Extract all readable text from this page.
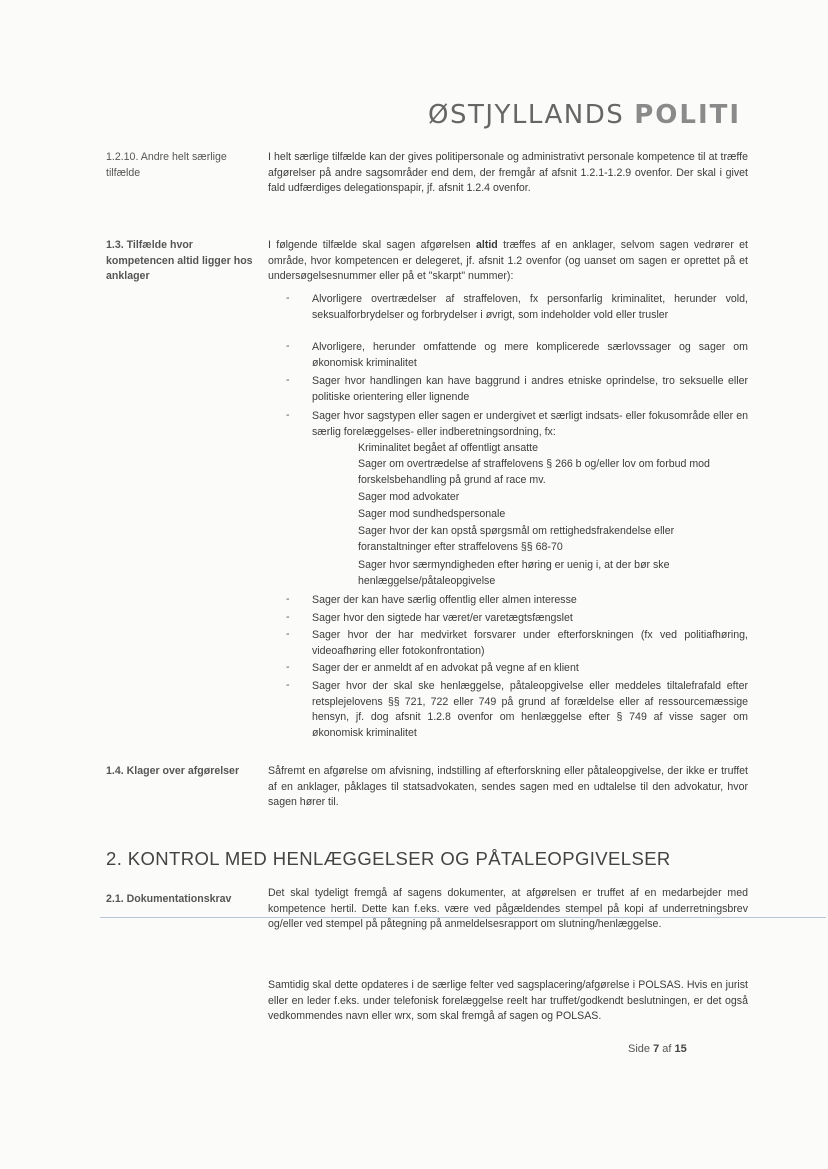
ØSTJYLLANDS POLITI
1.2.10. Andre helt særlige tilfælde
I helt særlige tilfælde kan der gives politipersonale og administrativt personale kompetence til at træffe afgørelser på andre sagsområder end dem, der fremgår af afsnit 1.2.1-1.2.9 ovenfor. Der skal i givet fald udfærdiges delegationspapir, jf. afsnit 1.2.4 ovenfor.
1.3. Tilfælde hvor kompetencen altid ligger hos anklager
I følgende tilfælde skal sagen afgørelsen altid træffes af en anklager, selvom sagen vedrører et område, hvor kompetencen er delegeret, jf. afsnit 1.2 ovenfor (og uanset om sagen er oprettet på et undersøgelsesnummer eller på et "skarpt" nummer):
- Alvorligere overtrædelser af straffeloven, fx personfarlig kriminalitet, herunder vold, seksualforbrydelser og forbrydelser i øvrigt, som indeholder vold eller trusler
- Alvorligere, herunder omfattende og mere komplicerede særlovssager og sager om økonomisk kriminalitet
- Sager hvor handlingen kan have baggrund i andres etniske oprindelse, tro seksuelle eller politiske orientering eller lignende
- Sager hvor sagstypen eller sagen er undergivet et særligt indsats- eller fokusområde eller en særlig forelæggelses- eller indberetningsordning, fx:
Kriminalitet begået af offentligt ansatte
Sager om overtrædelse af straffelovens § 266 b og/eller lov om forbud mod forskelsbehandling på grund af race mv.
Sager mod advokater
Sager mod sundhedspersonale
Sager hvor der kan opstå spørgsmål om rettighedsfrakendelse eller foranstaltninger efter straffelovens §§ 68-70
Sager hvor særmyndigheden efter høring er uenig i, at der bør ske henlæggelse/påtaleopgivelse
- Sager der kan have særlig offentlig eller almen interesse
- Sager hvor den sigtede har været/er varetægtsfængslet
- Sager hvor der har medvirket forsvarer under efterforskningen (fx ved politiafhøring, videoafhøring eller fotokonfrontation)
- Sager der er anmeldt af en advokat på vegne af en klient
- Sager hvor der skal ske henlæggelse, påtaleopgivelse eller meddeles tiltalefrafald efter retsplejelovens §§ 721, 722 eller 749 på grund af forældelse eller af ressourcemæssige hensyn, jf. dog afsnit 1.2.8 ovenfor om henlæggelse efter § 749 af visse sager om økonomisk kriminalitet
1.4. Klager over afgørelser	Såfremt en afgørelse om afvisning, indstilling af efterforskning eller påtaleopgivelse, der ikke er truffet af en anklager, påklages til statsadvokaten, sendes sagen med en udtalelse til den advokatur, hvor sagen hører til.
2. KONTROL MED HENLÆGGELSER OG PÅTALEOPGIVELSER
2.1. Dokumentationskrav	Det skal tydeligt fremgå af sagens dokumenter, at afgørelsen er truffet af en medarbejder med kompetence hertil. Dette kan f.eks. være ved pågældendes stempel på kopi af underretningsbrev og/eller ved stempel på påtegning på anmeldelsesrapport om slutning/henlæggelse.
Samtidig skal dette opdateres i de særlige felter ved sagsplacering/afgørelse i POLSAS. Hvis en jurist eller en leder f.eks. under telefonisk forelæggelse reelt har truffet/godkendt beslutningen, er det også vedkommendes navn eller wrx, som skal fremgå af sagen og POLSAS.
Side 7 af 15
